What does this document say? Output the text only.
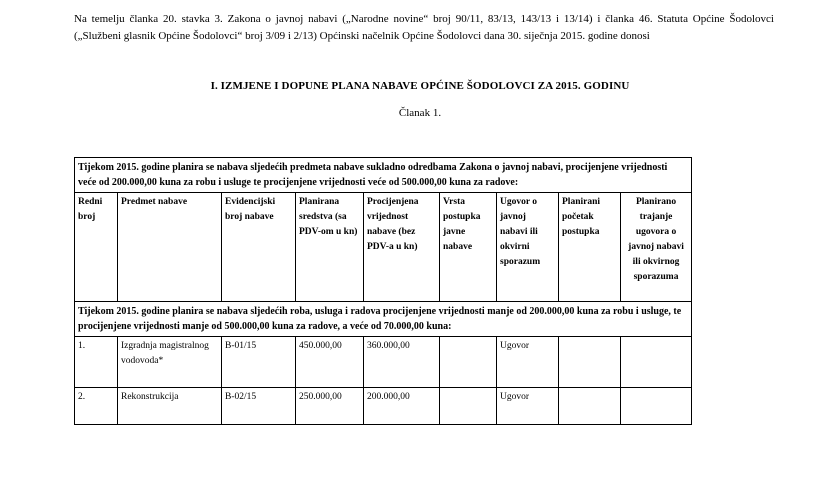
Na temelju članka 20. stavka 3. Zakona o javnoj nabavi („Narodne novine“ broj 90/11, 83/13, 143/13 i 13/14) i članka 46. Statuta Općine Šodolovci („Službeni glasnik Općine Šodolovci“ broj 3/09 i 2/13) Općinski načelnik Općine Šodolovci dana 30. siječnja 2015. godine donosi
I. IZMJENE I DOPUNE PLANA NABAVE OPĆINE ŠODOLOVCI ZA 2015. GODINU
Članak 1.
Tijekom 2015. godine planira se nabava sljedećih predmeta nabave sukladno odredbama Zakona o javnoj nabavi, procijenjene vrijednosti veće od 200.000,00 kuna za robu i usluge te procijenjene vrijednosti veće od 500.000,00 kuna za radove:								
Redni broj	Predmet nabave	Evidencijski broj nabave	Planirana sredstva (sa PDV-om u kn)	Procijenjena vrijednost nabave (bez PDV-a u kn)	Vrsta postupka javne nabave	Ugovor o javnoj nabavi ili okvirni sporazum	Planirani početak postupka	Planirano trajanje ugovora o javnoj nabavi ili okvirnog sporazuma
Tijekom 2015. godine planira se nabava sljedećih roba, usluga i radova procijenjene vrijednosti manje od 200.000,00 kuna za robu i usluge, te procijenjene vrijednosti manje od 500.000,00 kuna za radove, a veće od 70.000,00 kuna:								
1.	Izgradnja magistralnog vodovoda*	B-01/15	450.000,00	360.000,00		Ugovor		
2.	Rekonstrukcija	B-02/15	250.000,00	200.000,00		Ugovor		
